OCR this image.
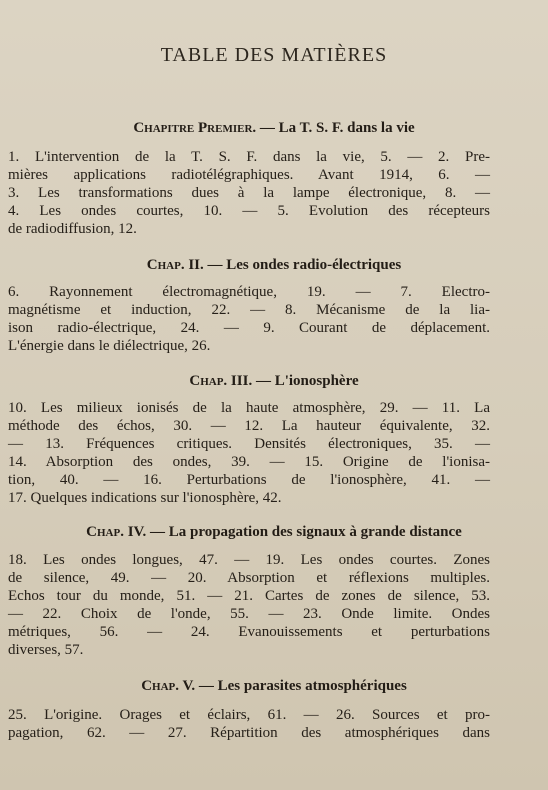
TABLE DES MATIÈRES
Chapitre Premier. — La T. S. F. dans la vie
1. L'intervention de la T. S. F. dans la vie, 5. — 2. Pre-
mières applications radiotélégraphiques. Avant 1914, 6. —
3. Les transformations dues à la lampe électronique, 8. —
4. Les ondes courtes, 10. — 5. Evolution des récepteurs
de radiodiffusion, 12.
Chap. II. — Les ondes radio-électriques
6. Rayonnement électromagnétique, 19. — 7. Electro-
magnétisme et induction, 22. — 8. Mécanisme de la lia-
ison radio-électrique, 24. — 9. Courant de déplacement.
L'énergie dans le diélectrique, 26.
Chap. III. — L'ionosphère
10. Les milieux ionisés de la haute atmosphère, 29. — 11. La
méthode des échos, 30. — 12. La hauteur équivalente, 32.
— 13. Fréquences critiques. Densités électroniques, 35. —
14. Absorption des ondes, 39. — 15. Origine de l'ionisa-
tion, 40. — 16. Perturbations de l'ionosphère, 41. —
17. Quelques indications sur l'ionosphère, 42.
Chap. IV. — La propagation des signaux à grande distance
18. Les ondes longues, 47. — 19. Les ondes courtes. Zones
de silence, 49. — 20. Absorption et réflexions multiples.
Echos tour du monde, 51. — 21. Cartes de zones de silence, 53.
— 22. Choix de l'onde, 55. — 23. Onde limite. Ondes
métriques, 56. — 24. Evanouissements et perturbations
diverses, 57.
Chap. V. — Les parasites atmosphériques
25. L'origine. Orages et éclairs, 61. — 26. Sources et pro-
pagation, 62. — 27. Répartition des atmosphériques dans
